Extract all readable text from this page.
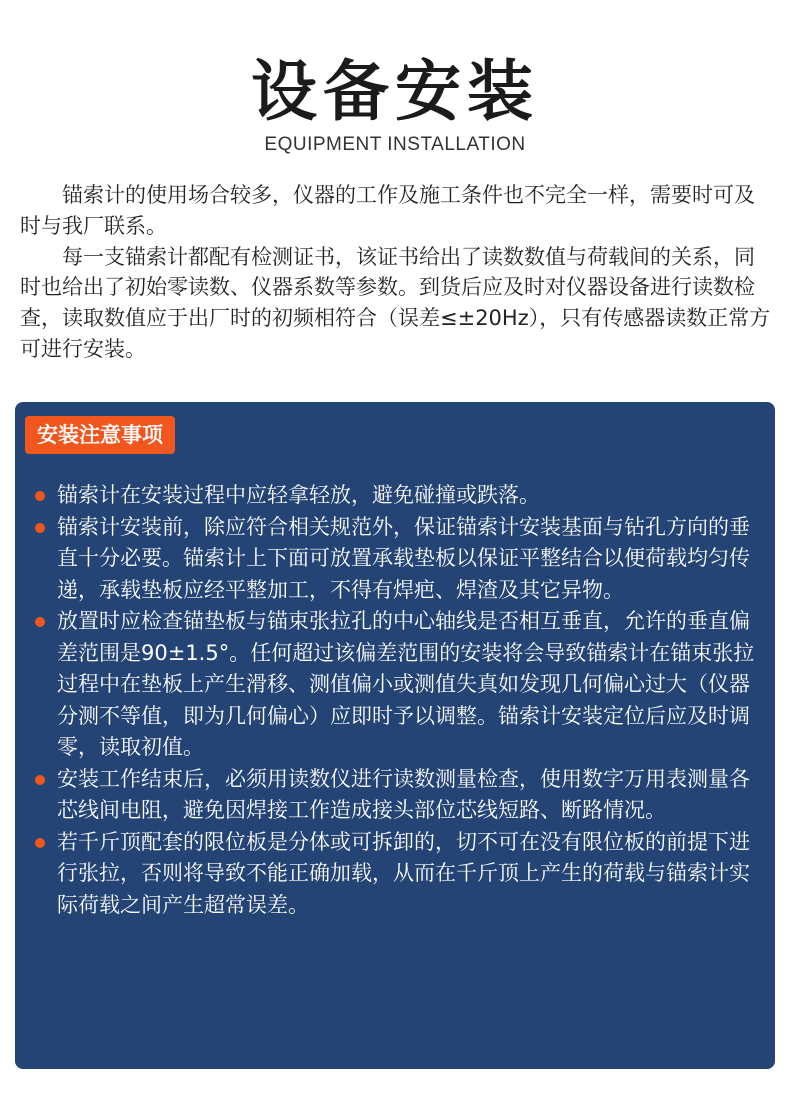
设备安装
EQUIPMENT INSTALLATION

锚索计的使用场合较多，仪器的工作及施工条件也不完全一样，需要时可及时与我厂联系。

每一支锚索计都配有检测证书，该证书给出了读数数值与荷载间的关系，同时也给出了初始零读数、仪器系数等参数。到货后应及时对仪器设备进行读数检查，读取数值应于出厂时的初频相符合（误差≤±20Hz），只有传感器读数正常方可进行安装。

安装注意事项
锚索计在安装过程中应轻拿轻放，避免碰撞或跌落。
锚索计安装前，除应符合相关规范外，保证锚索计安装基面与钻孔方向的垂直十分必要。锚索计上下面可放置承载垫板以保证平整结合以便荷载均匀传递，承载垫板应经平整加工，不得有焊疤、焊渣及其它异物。
放置时应检查锚垫板与锚束张拉孔的中心轴线是否相互垂直，允许的垂直偏差范围是90±1.5°。任何超过该偏差范围的安装将会导致锚索计在锚束张拉过程中在垫板上产生滑移、测值偏小或测值失真如发现几何偏心过大（仪器分测不等值，即为几何偏心）应即时予以调整。锚索计安装定位后应及时调零，读取初值。
安装工作结束后，必须用读数仪进行读数测量检查，使用数字万用表测量各芯线间电阻，避免因焊接工作造成接头部位芯线短路、断路情况。
若千斤顶配套的限位板是分体或可拆卸的，切不可在没有限位板的前提下进行张拉，否则将导致不能正确加载，从而在千斤顶上产生的荷载与锚索计实际荷载之间产生超常误差。
